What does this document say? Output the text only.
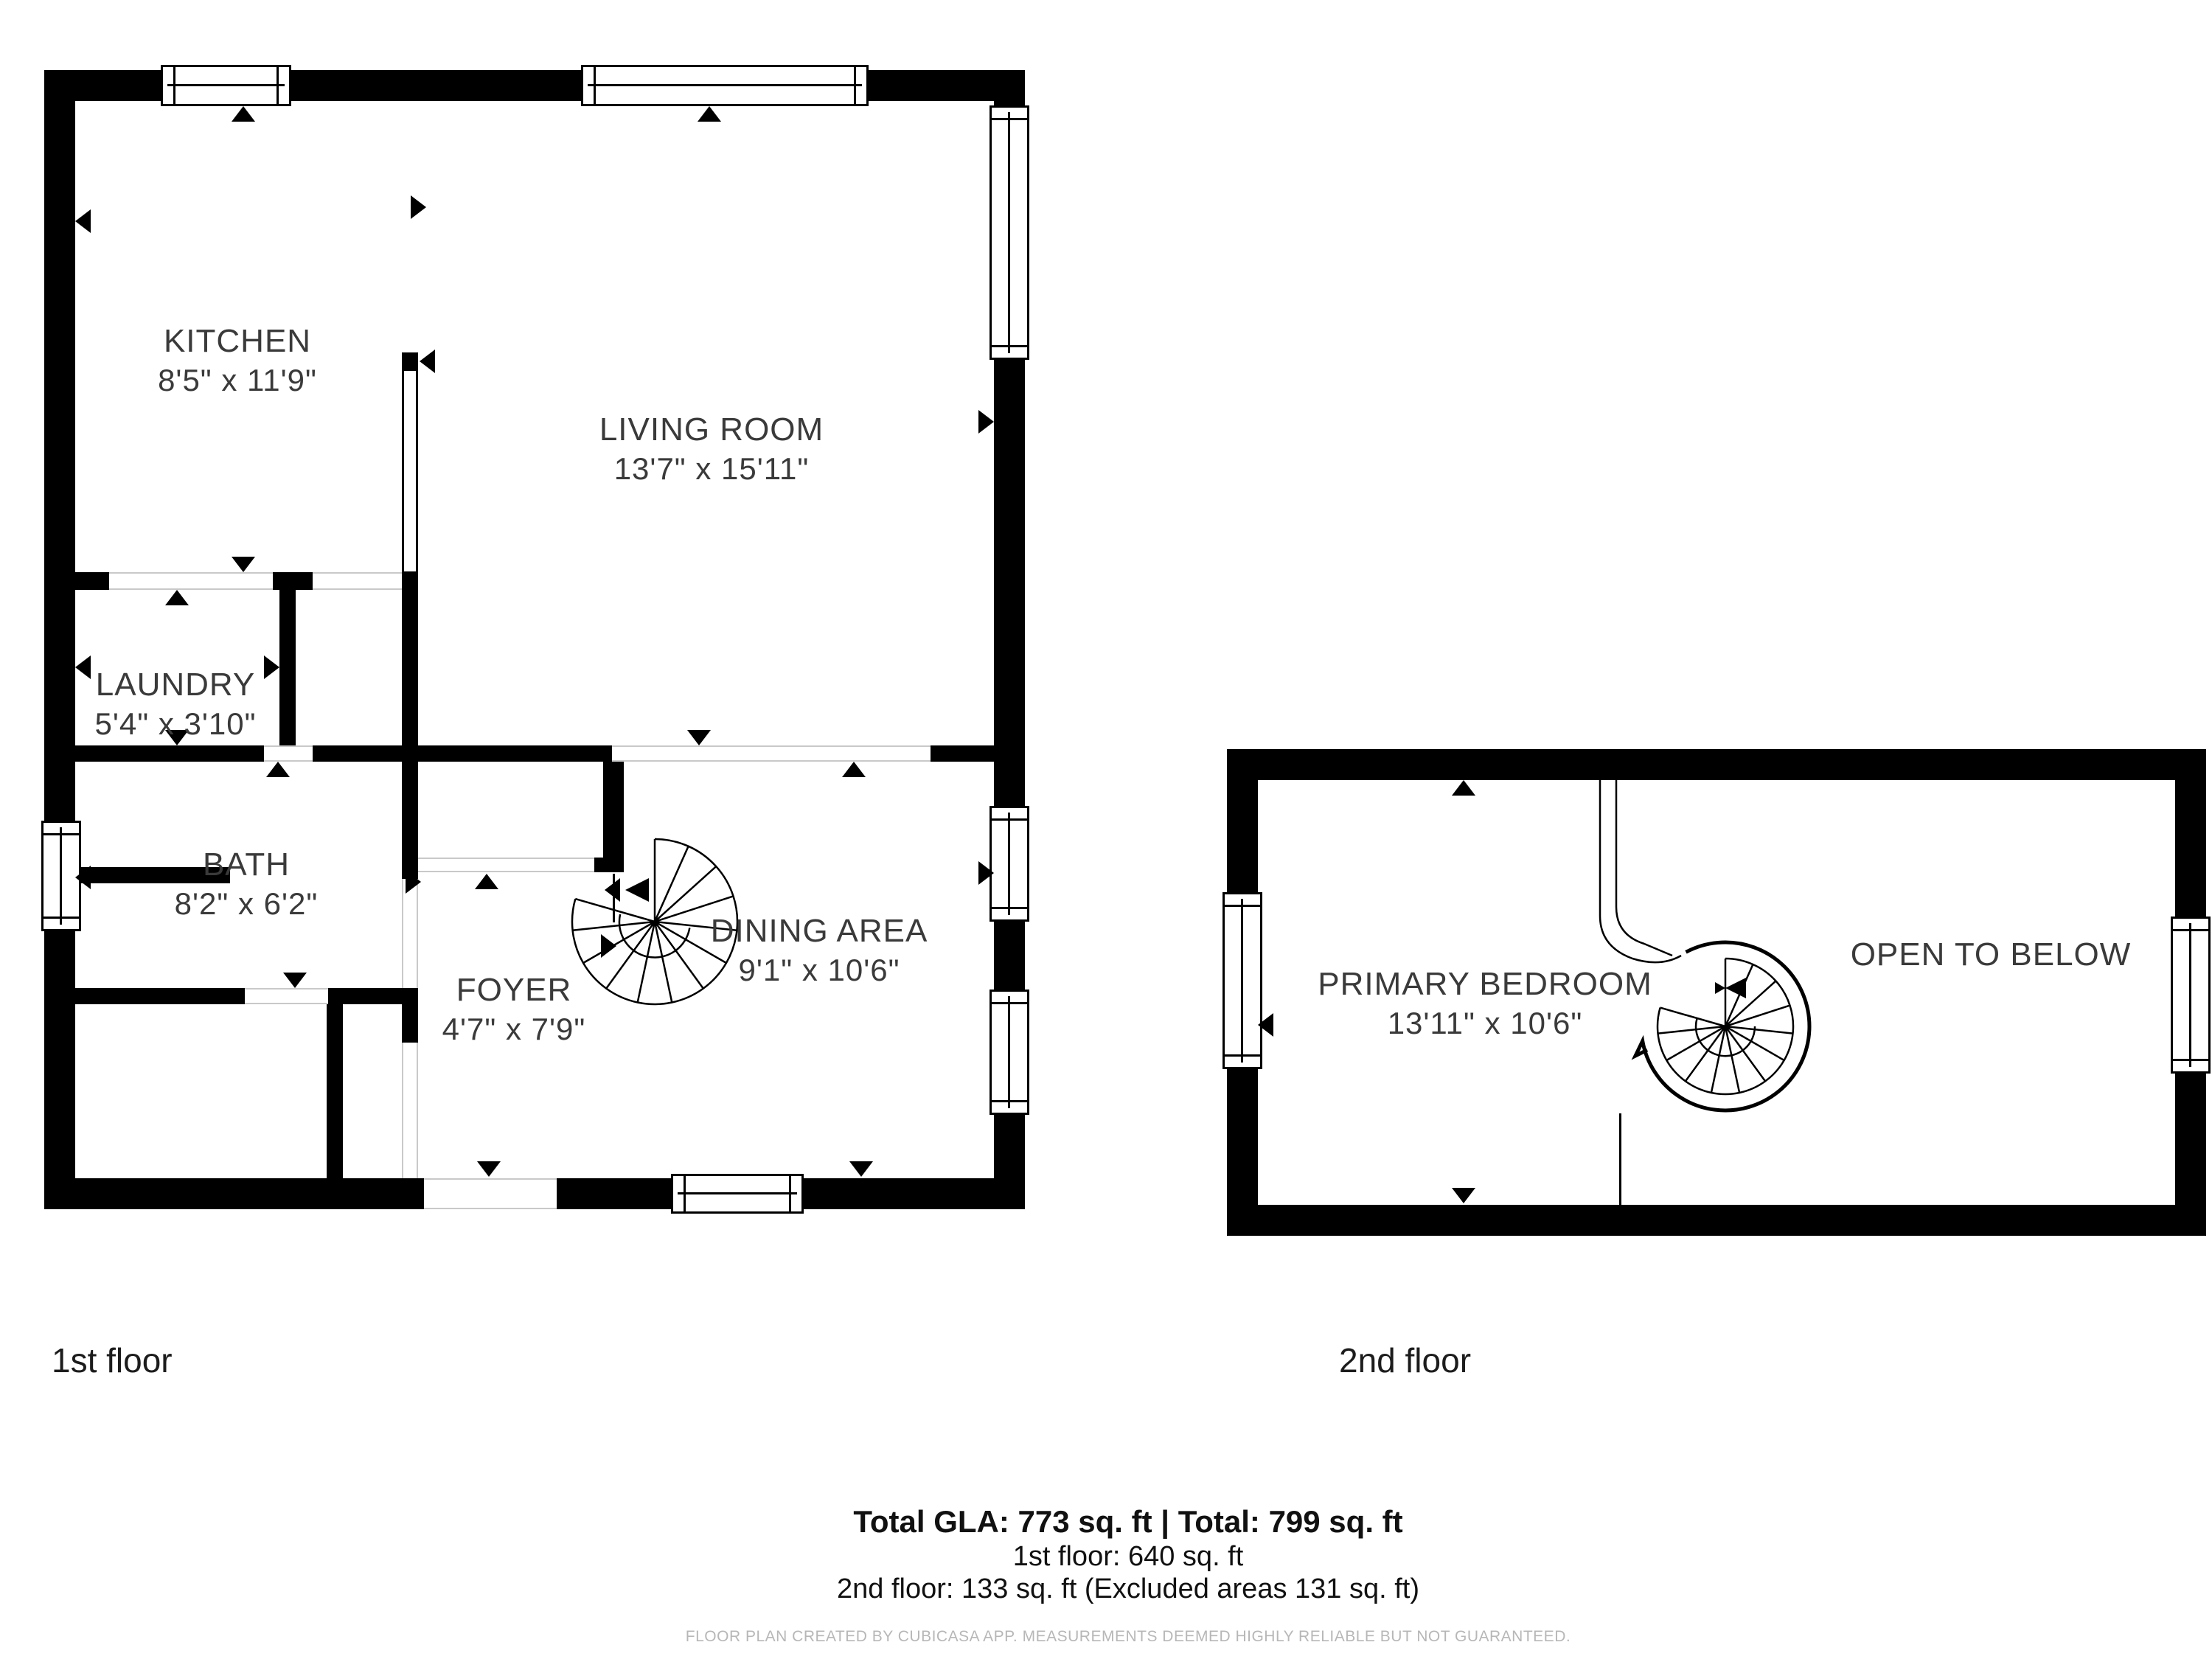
KITCHEN
8'5" x 11'9"
LIVING ROOM
13'7" x 15'11"
LAUNDRY
5'4" x 3'10"
BATH
8'2" x 6'2"
DINING AREA
9'1" x 10'6"
FOYER
4'7" x 7'9"
PRIMARY BEDROOM
13'11" x 10'6"
OPEN TO BELOW
1st floor	2nd floor
Total GLA: 773 sq. ft | Total: 799 sq. ft
1st floor: 640 sq. ft
2nd floor: 133 sq. ft (Excluded areas 131 sq. ft)
FLOOR PLAN CREATED BY CUBICASA APP. MEASUREMENTS DEEMED HIGHLY RELIABLE BUT NOT GUARANTEED.
